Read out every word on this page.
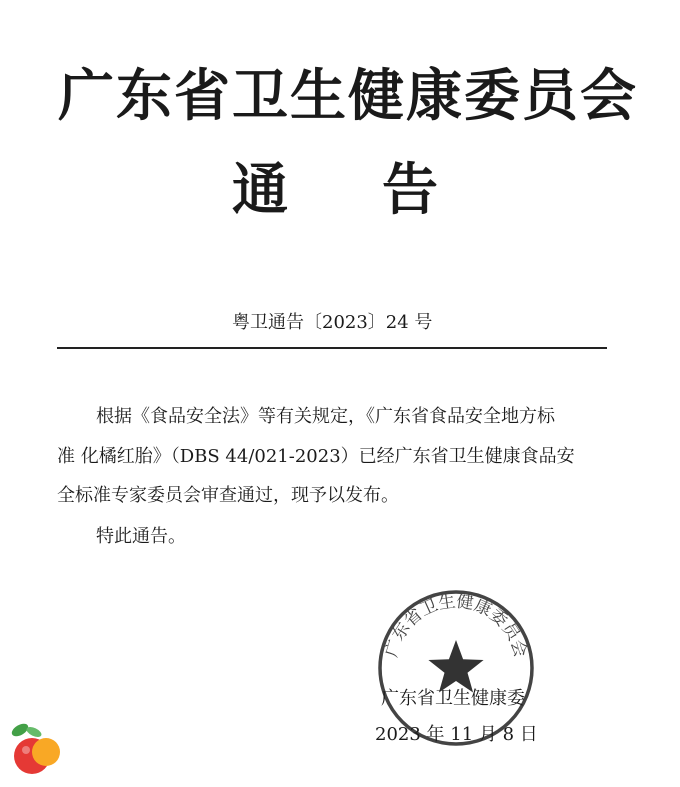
广东省卫生健康委员会
通告
粤卫通告〔2023〕24 号
根据《食品安全法》等有关规定，《广东省食品安全地方标
准 化橘红胎》（DBS 44/021-2023）已经广东省卫生健康食品安
全标准专家委员会审查通过，现予以发布。
特此通告。
广东省卫生健康委员会
广东省卫生健康委
2023 年 11 月 8 日
